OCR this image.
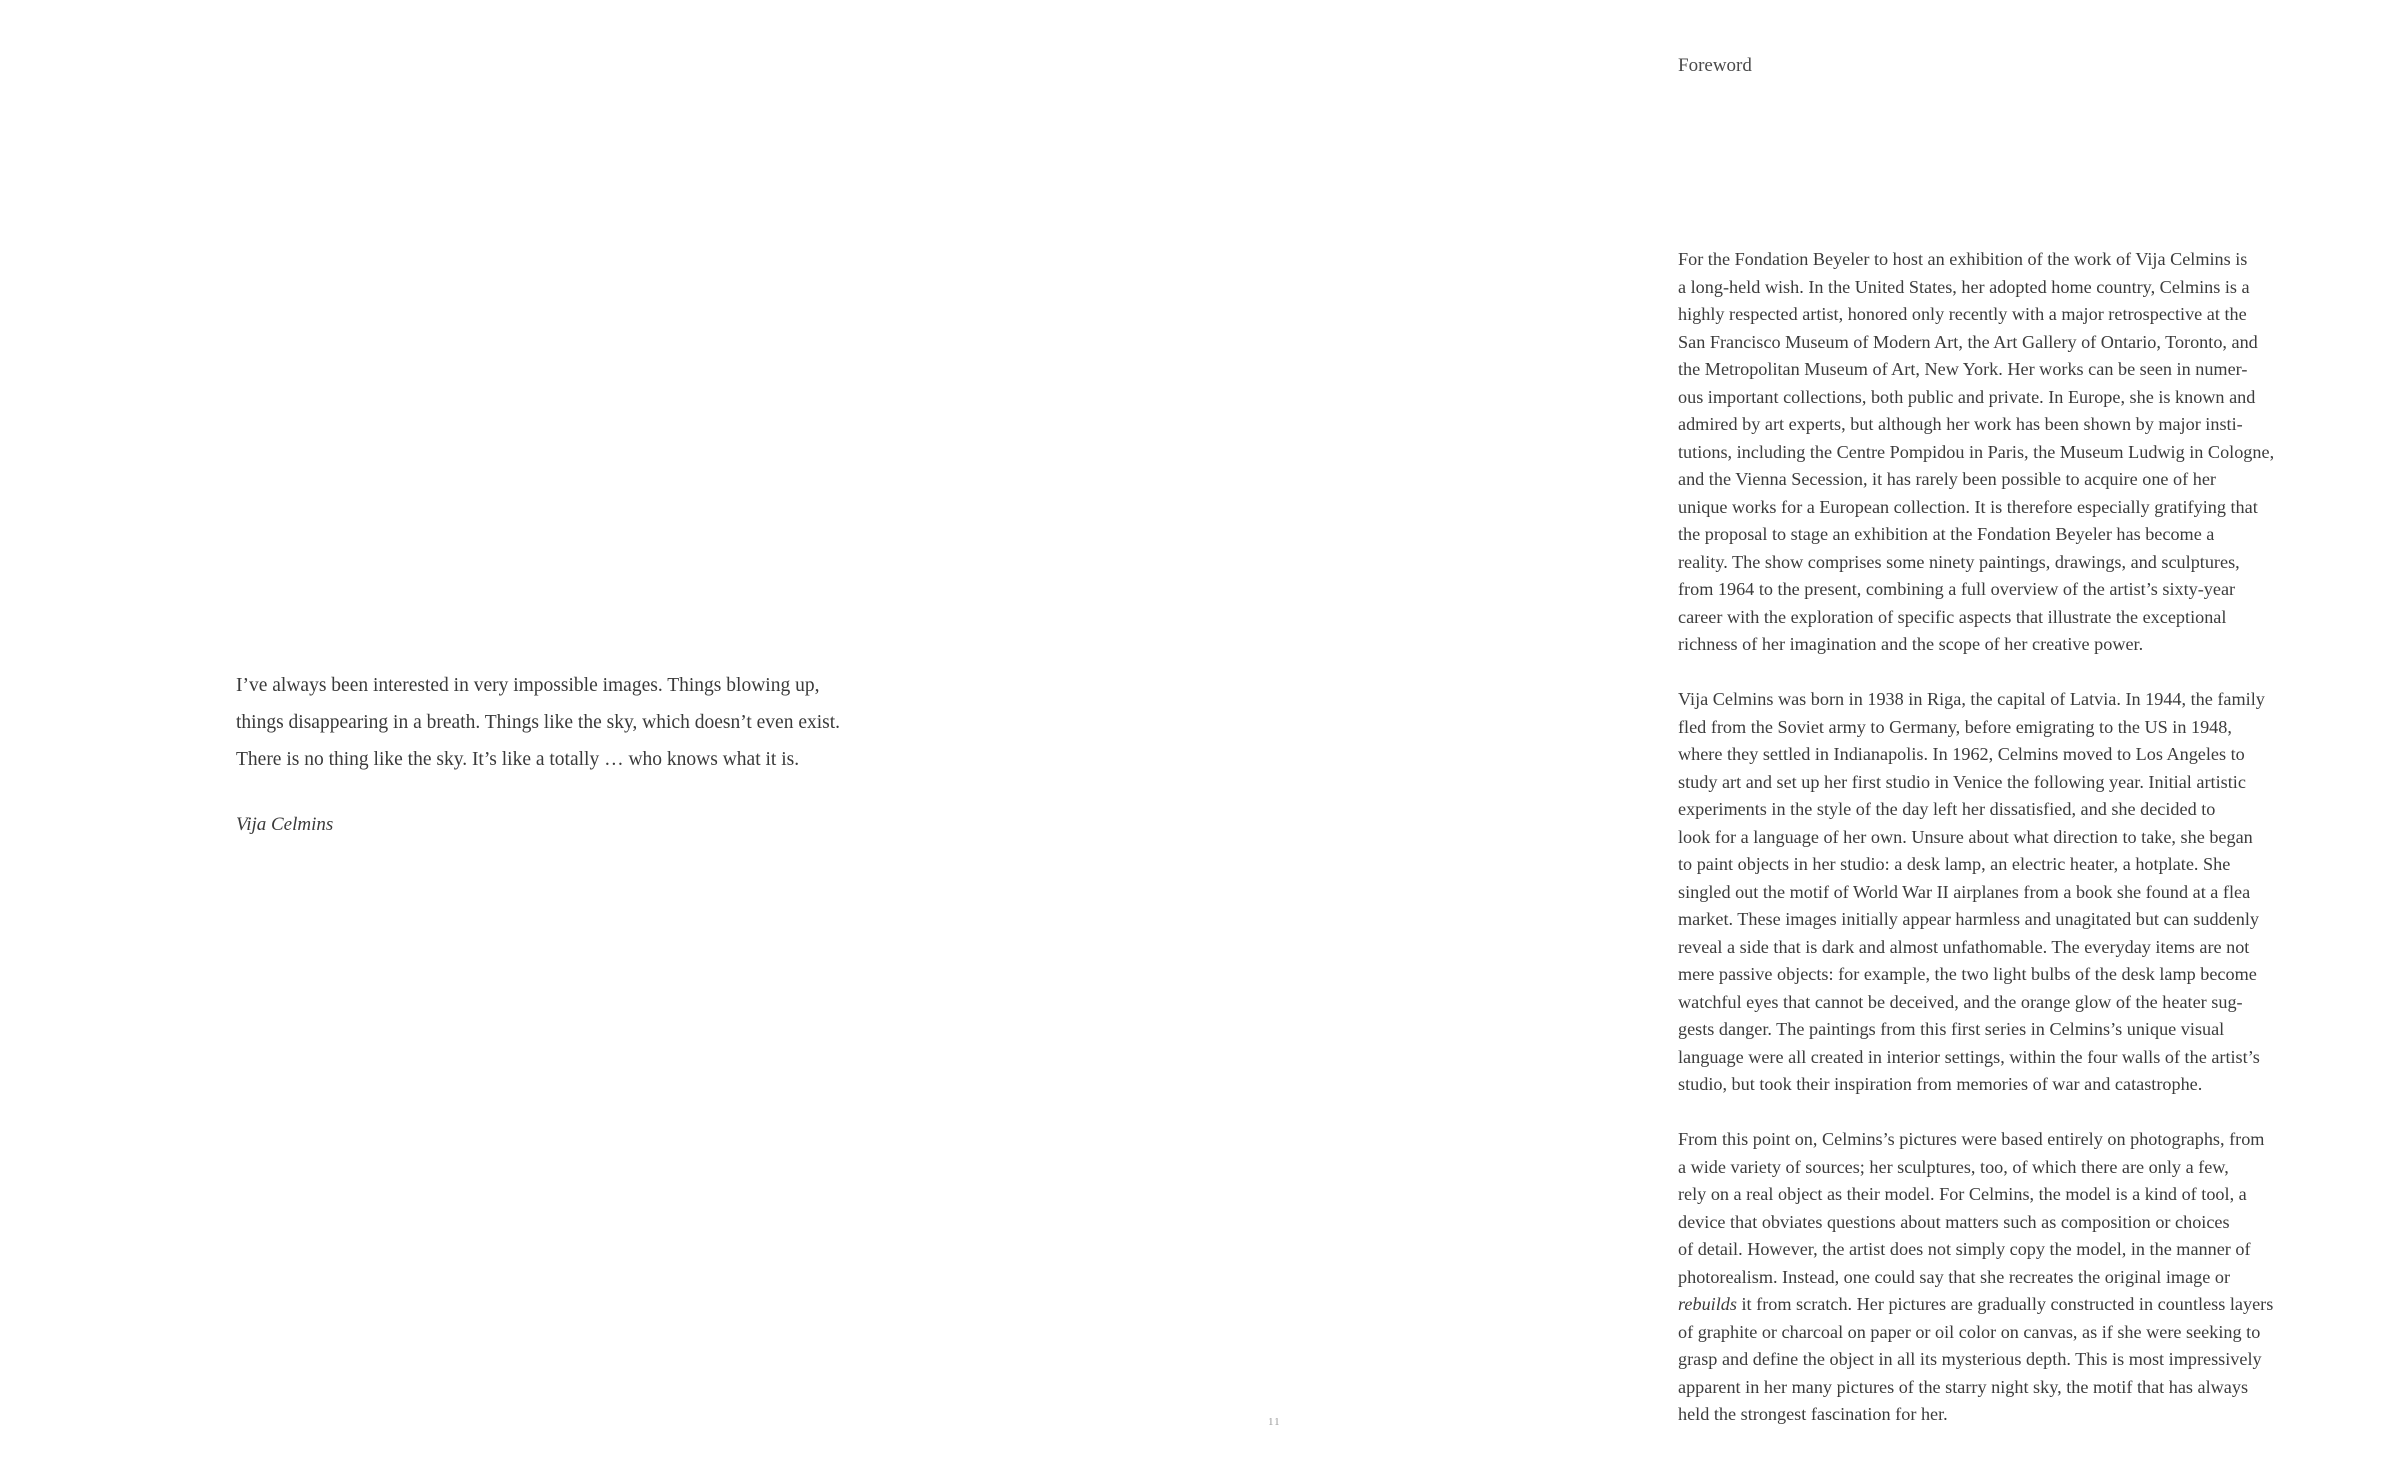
I’ve always been interested in very impossible images. Things blowing up,
things disappearing in a breath. Things like the sky, which doesn’t even exist.
There is no thing like the sky. It’s like a totally … who knows what it is.

Vija Celmins

11
Foreword
For the Fondation Beyeler to host an exhibition of the work of Vija Celmins is
a long-held wish. In the United States, her adopted home country, Celmins is a
highly respected artist, honored only recently with a major retrospective at the
San Francisco Museum of Modern Art, the Art Gallery of Ontario, Toronto, and
the Metropolitan Museum of Art, New York. Her works can be seen in numer-
ous important collections, both public and private. In Europe, she is known and
admired by art experts, but although her work has been shown by major insti-
tutions, including the Centre Pompidou in Paris, the Museum Ludwig in Cologne,
and the Vienna Secession, it has rarely been possible to acquire one of her
unique works for a European collection. It is therefore especially gratifying that
the proposal to stage an exhibition at the Fondation Beyeler has become a
reality. The show comprises some ninety paintings, drawings, and sculptures,
from 1964 to the present, combining a full overview of the artist’s sixty-year
career with the exploration of specific aspects that illustrate the exceptional
richness of her imagination and the scope of her creative power.
Vija Celmins was born in 1938 in Riga, the capital of Latvia. In 1944, the family
fled from the Soviet army to Germany, before emigrating to the US in 1948,
where they settled in Indianapolis. In 1962, Celmins moved to Los Angeles to
study art and set up her first studio in Venice the following year. Initial artistic
experiments in the style of the day left her dissatisfied, and she decided to
look for a language of her own. Unsure about what direction to take, she began
to paint objects in her studio: a desk lamp, an electric heater, a hotplate. She
singled out the motif of World War II airplanes from a book she found at a flea
market. These images initially appear harmless and unagitated but can suddenly
reveal a side that is dark and almost unfathomable. The everyday items are not
mere passive objects: for example, the two light bulbs of the desk lamp become
watchful eyes that cannot be deceived, and the orange glow of the heater sug-
gests danger. The paintings from this first series in Celmins’s unique visual
language were all created in interior settings, within the four walls of the artist’s
studio, but took their inspiration from memories of war and catastrophe.
From this point on, Celmins’s pictures were based entirely on photographs, from
a wide variety of sources; her sculptures, too, of which there are only a few,
rely on a real object as their model. For Celmins, the model is a kind of tool, a
device that obviates questions about matters such as composition or choices
of detail. However, the artist does not simply copy the model, in the manner of
photorealism. Instead, one could say that she recreates the original image or
rebuilds it from scratch. Her pictures are gradually constructed in countless layers
of graphite or charcoal on paper or oil color on canvas, as if she were seeking to
grasp and define the object in all its mysterious depth. This is most impressively
apparent in her many pictures of the starry night sky, the motif that has always
held the strongest fascination for her.
